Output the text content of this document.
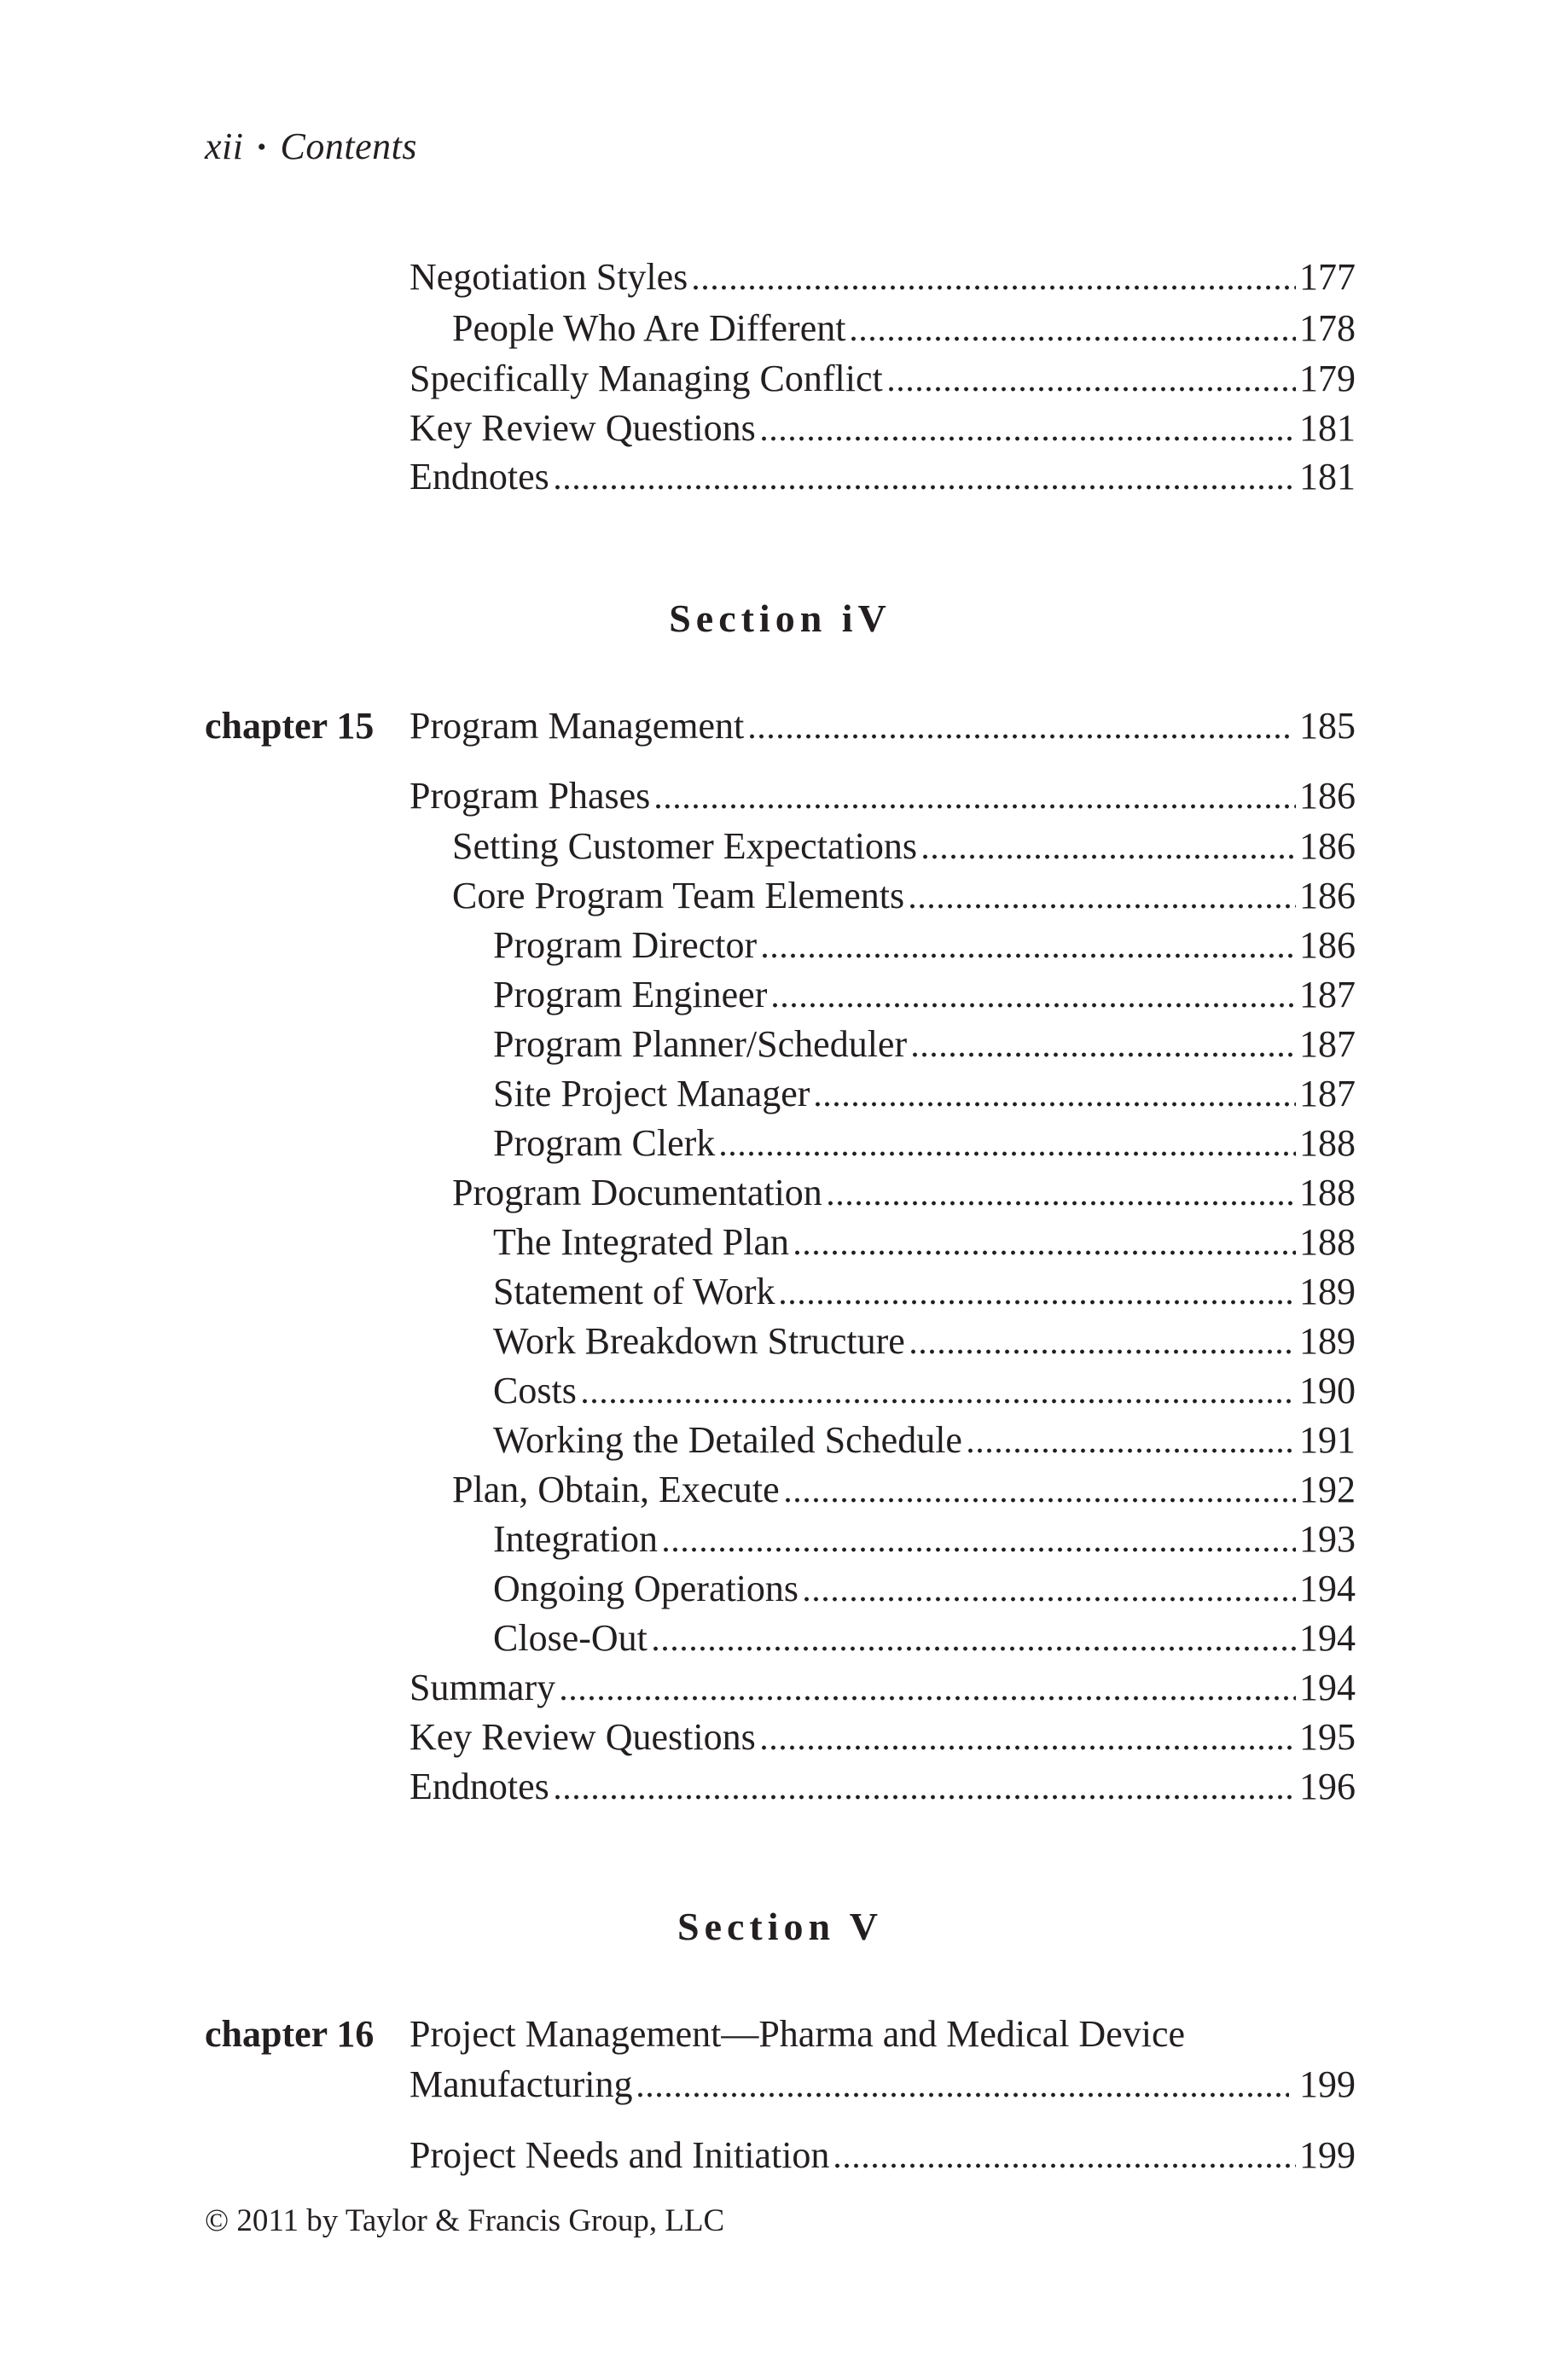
xii • Contents
Negotiation Styles	177
People Who Are Different	178
Specifically Managing Conflict	179
Key Review Questions	181
Endnotes	181
Section iV
chapter 15 Program Management	185
Program Phases	186
Setting Customer Expectations	186
Core Program Team Elements	186
Program Director	186
Program Engineer	187
Program Planner/Scheduler	187
Site Project Manager	187
Program Clerk	188
Program Documentation	188
The Integrated Plan	188
Statement of Work	189
Work Breakdown Structure	189
Costs	190
Working the Detailed Schedule	191
Plan, Obtain, Execute	192
Integration	193
Ongoing Operations	194
Close-Out	194
Summary	194
Key Review Questions	195
Endnotes	196
Section V
chapter 16 Project Management—Pharma and Medical Device
Manufacturing	199
Project Needs and Initiation	199
© 2011 by Taylor & Francis Group, LLC
